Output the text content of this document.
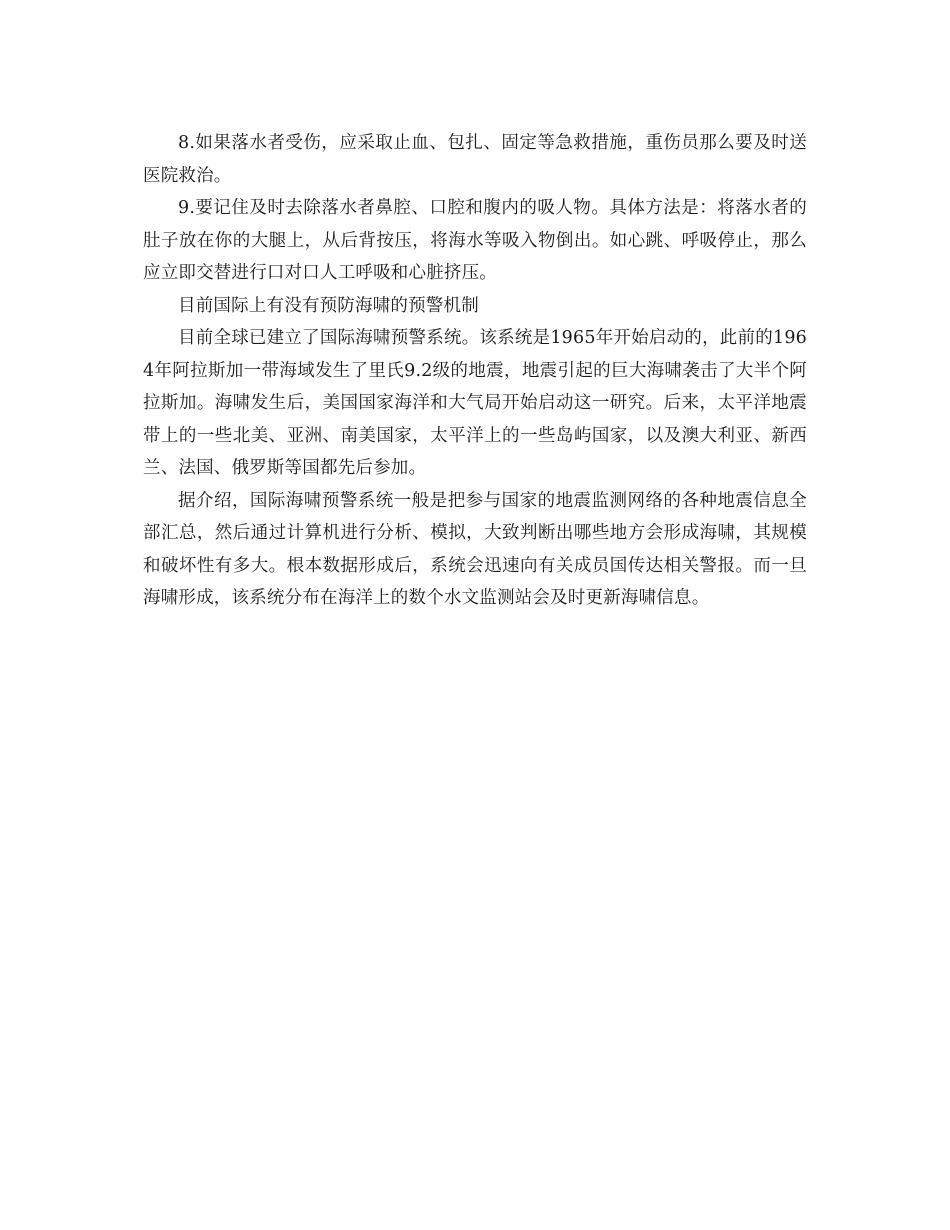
8.如果落水者受伤，应采取止血、包扎、固定等急救措施，重伤员那么要及时送医院救治。

9.要记住及时去除落水者鼻腔、口腔和腹内的吸人物。具体方法是：将落水者的肚子放在你的大腿上，从后背按压，将海水等吸入物倒出。如心跳、呼吸停止，那么应立即交替进行口对口人工呼吸和心脏挤压。

目前国际上有没有预防海啸的预警机制

目前全球已建立了国际海啸预警系统。该系统是1965年开始启动的，此前的1964年阿拉斯加一带海域发生了里氏9.2级的地震，地震引起的巨大海啸袭击了大半个阿拉斯加。海啸发生后，美国国家海洋和大气局开始启动这一研究。后来，太平洋地震带上的一些北美、亚洲、南美国家，太平洋上的一些岛屿国家，以及澳大利亚、新西兰、法国、俄罗斯等国都先后参加。

据介绍，国际海啸预警系统一般是把参与国家的地震监测网络的各种地震信息全部汇总，然后通过计算机进行分析、模拟，大致判断出哪些地方会形成海啸，其规模和破坏性有多大。根本数据形成后，系统会迅速向有关成员国传达相关警报。而一旦海啸形成，该系统分布在海洋上的数个水文监测站会及时更新海啸信息。
